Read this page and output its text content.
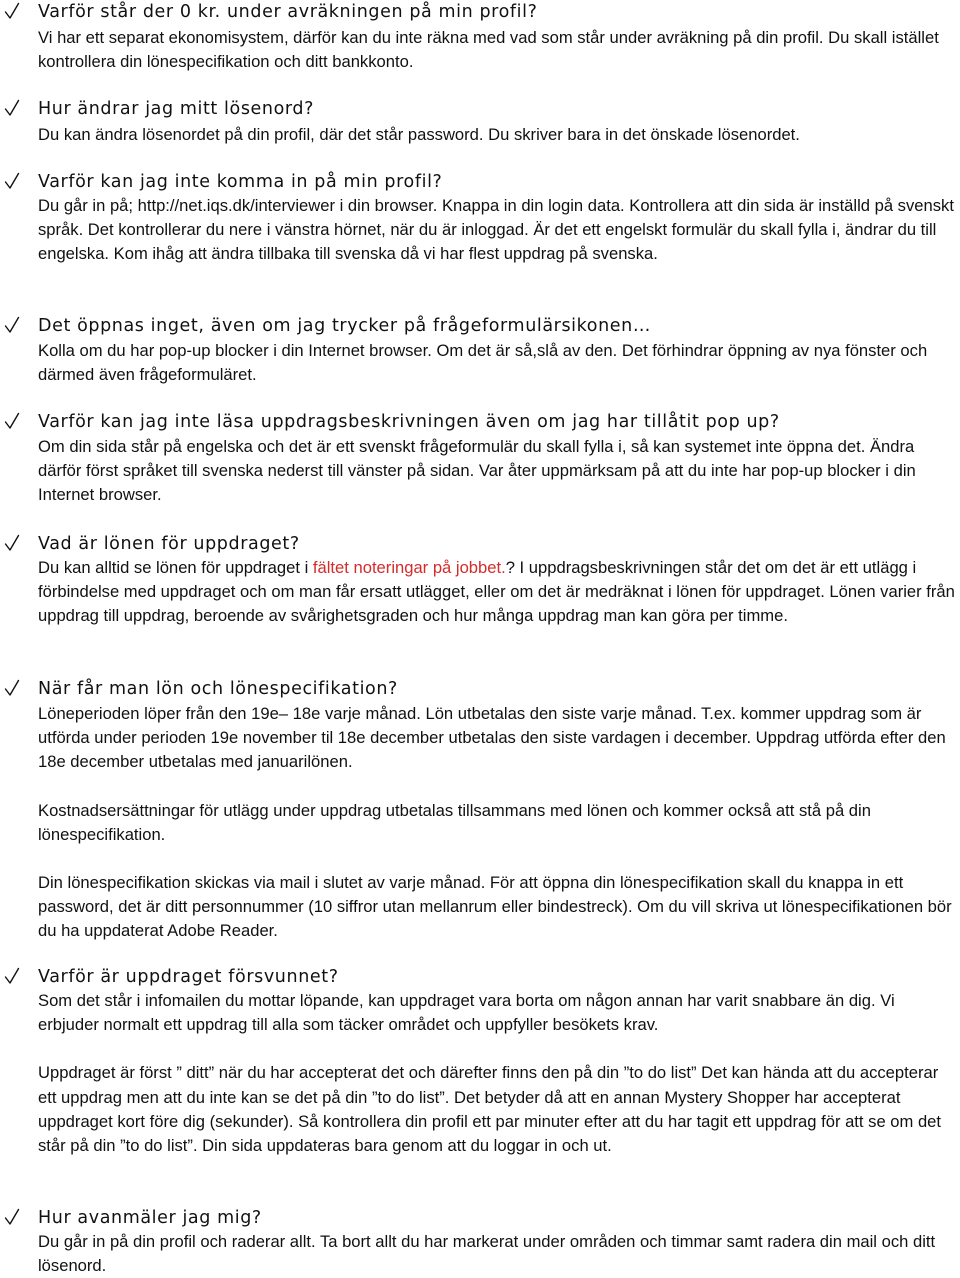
Varför står der 0 kr. under avräkningen på min profil?

Vi har ett separat ekonomisystem, därför kan du inte räkna med vad som står under avräkning på din profil. Du skall istället kontrollera din lönespecifikation och ditt bankkonto.

Hur ändrar jag mitt lösenord?

Du kan ändra lösenordet på din profil, där det står password. Du skriver bara in det önskade lösenordet.

Varför kan jag inte komma in på min profil?

Du går in på; http://net.iqs.dk/interviewer i din browser. Knappa in din login data. Kontrollera att din sida är inställd på svenskt språk. Det kontrollerar du nere i vänstra hörnet, när du är inloggad. Är det ett engelskt formulär du skall fylla i, ändrar du till engelska. Kom ihåg att ändra tillbaka till svenska då vi har flest uppdrag på svenska.

Det öppnas inget, även om jag trycker på frågeformulärsikonen…

Kolla om du har pop-up blocker i din Internet browser. Om det är så,slå av den. Det förhindrar öppning av nya fönster och därmed även frågeformuläret.

Varför kan jag inte läsa uppdragsbeskrivningen även om jag har tillåtit pop up?

Om din sida står på engelska och det är ett svenskt frågeformulär du skall fylla i, så kan systemet inte öppna det. Ändra därför först språket till svenska nederst till vänster på sidan. Var åter uppmärksam på att du inte har pop-up blocker i din Internet browser.

Vad är lönen för uppdraget?

Du kan alltid se lönen för uppdraget i fältet noteringar på jobbet.? I uppdragsbeskrivningen står det om det är ett utlägg i förbindelse med uppdraget och om man får ersatt utlägget, eller om det är medräknat i lönen för uppdraget. Lönen varier från uppdrag till uppdrag, beroende av svårighetsgraden och hur många uppdrag man kan göra per timme.

När får man lön och lönespecifikation?

Löneperioden löper från den 19e– 18e varje månad. Lön utbetalas den siste varje månad. T.ex. kommer uppdrag som är utförda under perioden 19e november til 18e december utbetalas den siste vardagen i december. Uppdrag utförda efter den 18e december utbetalas med januarilönen.

Kostnadsersättningar för utlägg under uppdrag utbetalas tillsammans med lönen och kommer också att stå på din lönespecifikation.

Din lönespecifikation skickas via mail i slutet av varje månad. För att öppna din lönespecifikation skall du knappa in ett password, det är ditt personnummer (10 siffror utan mellanrum eller bindestreck). Om du vill skriva ut lönespecifikationen bör du ha uppdaterat Adobe Reader.

Varför är uppdraget försvunnet?

Som det står i infomailen du mottar löpande, kan uppdraget vara borta om någon annan har varit snabbare än dig. Vi erbjuder normalt ett uppdrag till alla som täcker området och uppfyller besökets krav.

Uppdraget är först ” ditt” när du har accepterat det och därefter finns den på din ”to do list” Det kan hända att du accepterar ett uppdrag men att du inte kan se det på din ”to do list”. Det betyder då att en annan Mystery Shopper har accepterat uppdraget kort före dig (sekunder). Så kontrollera din profil ett par minuter efter att du har tagit ett uppdrag för att se om det står på din ”to do list”. Din sida uppdateras bara genom att du loggar in och ut.

Hur avanmäler jag mig?

Du går in på din profil och raderar allt. Ta bort allt du har markerat under områden och timmar samt radera din mail och ditt lösenord.
